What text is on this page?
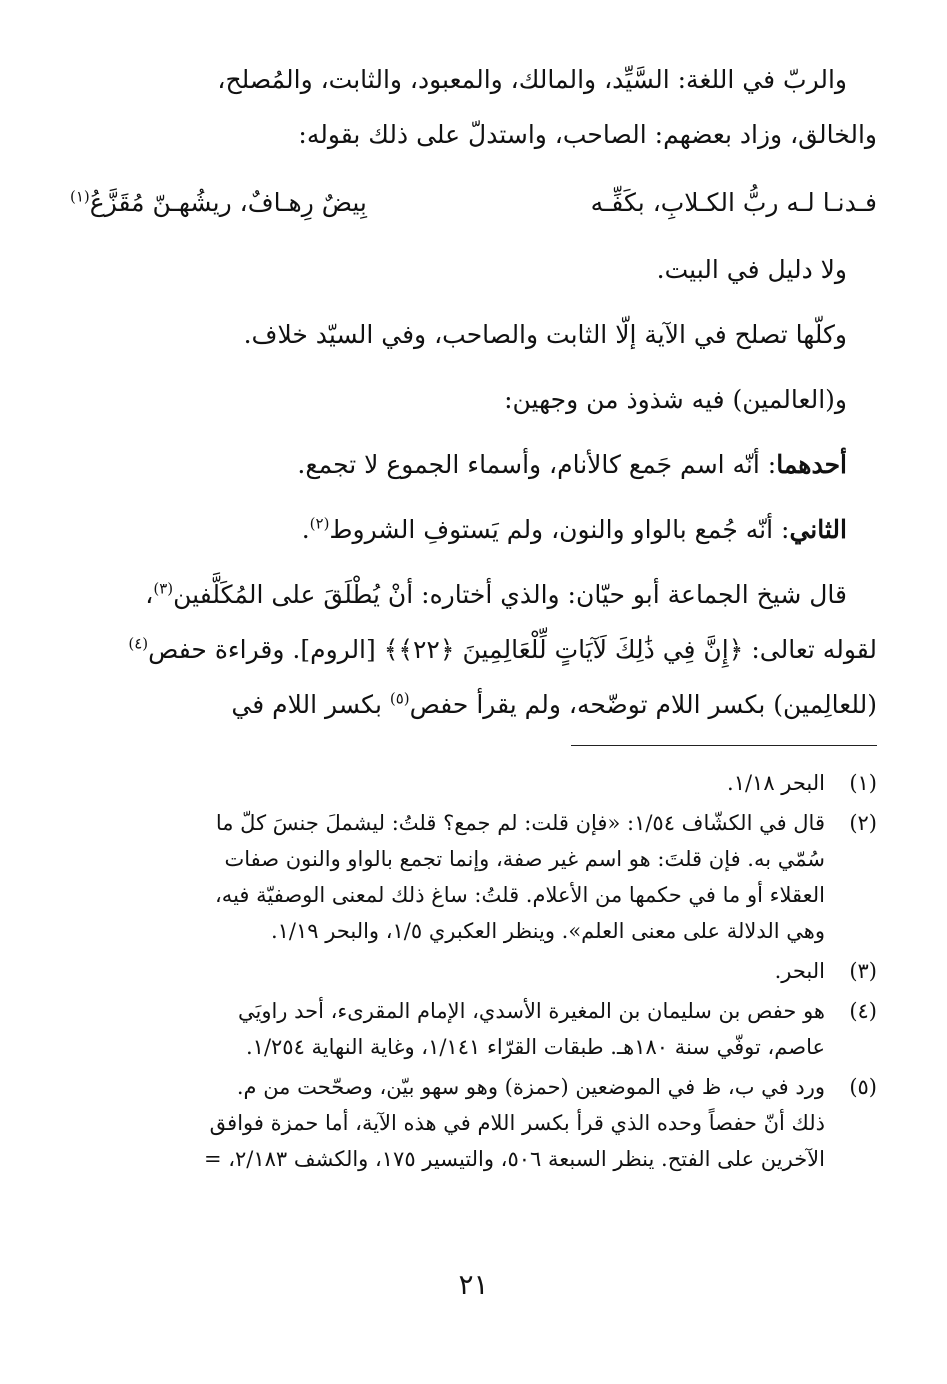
والربّ في اللغة: السَّيِّد، والمالك، والمعبود، والثابت، والمُصلح،
والخالق، وزاد بعضهم: الصاحب، واستدلّ على ذلك بقوله:
فـدنـا لـه ربُّ الكـلابِ، بكَفِّـه
بِيضٌ رِهـافٌ، ريشُهـنّ مُقَزَّعُ$^{(١)}$
ولا دليل في البيت.
وكلّها تصلح في الآية إلّا الثابت والصاحب، وفي السيّد خلاف.
و(العالمين) فيه شذوذ من وجهين:
أحدهما: أنّه اسم جَمع كالأنام، وأسماء الجموع لا تجمع.
الثاني: أنّه جُمع بالواو والنون، ولم يَستوفِ الشروط$^{(٢)}$.
قال شيخ الجماعة أبو حيّان: والذي أختاره: أنْ يُطْلَقَ على المُكَلَّفين$^{(٣)}$،
لقوله تعالى: ﴿إِنَّ فِي ذَٰلِكَ لَآيَاتٍ لِّلْعَالِمِينَ ﴿٢٢﴾﴾ [الروم]. وقراءة حفص$^{(٤)}$
(للعالِمين) بكسر اللام توضّحه، ولم يقرأ حفص$^{(٥)}$ بكسر اللام في
(١)
البحر ١/١٨.
(٢)
قال في الكشّاف ١/٥٤: «فإن قلت: لم جمع؟ قلتُ: ليشملَ جنسَ كلّ ما
سُمّي به. فإن قلتَ: هو اسم غير صفة، وإنما تجمع بالواو والنون صفات
العقلاء أو ما في حكمها من الأعلام. قلتُ: ساغ ذلك لمعنى الوصفيّة فيه،
وهي الدلالة على معنى العلم». وينظر العكبري ١/٥، والبحر ١/١٩.
(٣)
البحر.
(٤)
هو حفص بن سليمان بن المغيرة الأسدي، الإمام المقرىء، أحد راويَي
عاصم، توفّي سنة ١٨٠هـ. طبقات القرّاء ١/١٤١، وغاية النهاية ١/٢٥٤.
(٥)
ورد في ب، ظ في الموضعين (حمزة) وهو سهو بيّن، وصحّحت من م.
ذلك أنّ حفصاً وحده الذي قرأ بكسر اللام في هذه الآية، أما حمزة فوافق
الآخرين على الفتح. ينظر السبعة ٥٠٦، والتيسير ١٧٥، والكشف ٢/١٨٣، =
٢١
